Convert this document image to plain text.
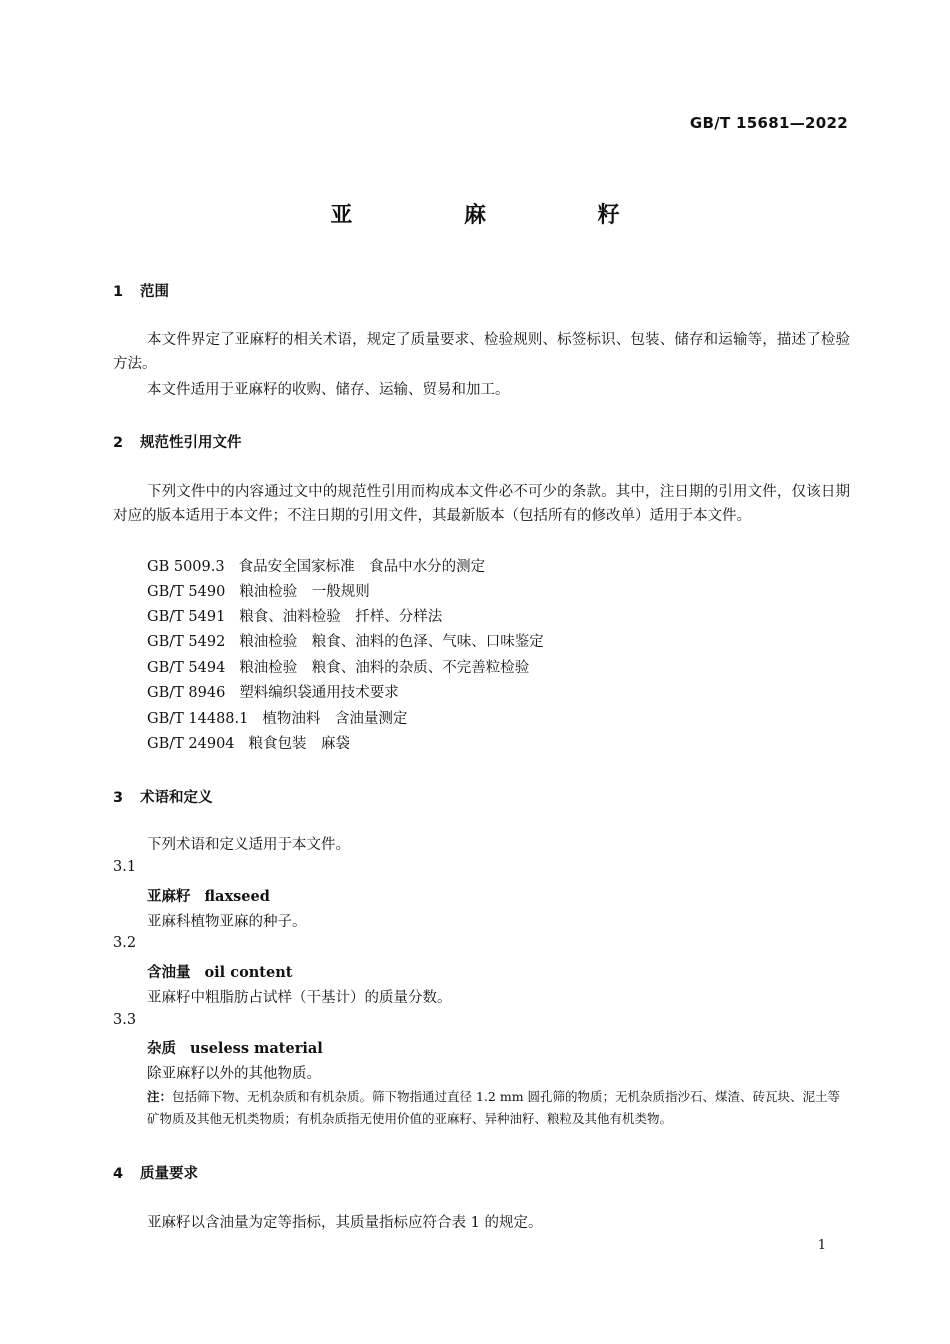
GB/T 15681—2022
亚 麻 籽
1 范围
本文件界定了亚麻籽的相关术语，规定了质量要求、检验规则、标签标识、包装、储存和运输等，描述了检验方法。
本文件适用于亚麻籽的收购、储存、运输、贸易和加工。
2 规范性引用文件
下列文件中的内容通过文中的规范性引用而构成本文件必不可少的条款。其中，注日期的引用文件，仅该日期对应的版本适用于本文件；不注日期的引用文件，其最新版本（包括所有的修改单）适用于本文件。
GB 5009.3 食品安全国家标准　食品中水分的测定
GB/T 5490 粮油检验　一般规则
GB/T 5491 粮食、油料检验　扦样、分样法
GB/T 5492 粮油检验　粮食、油料的色泽、气味、口味鉴定
GB/T 5494 粮油检验　粮食、油料的杂质、不完善粒检验
GB/T 8946 塑料编织袋通用技术要求
GB/T 14488.1 植物油料　含油量测定
GB/T 24904 粮食包装　麻袋
3 术语和定义
下列术语和定义适用于本文件。
3.1
亚麻籽 flaxseed
亚麻科植物亚麻的种子。
3.2
含油量 oil content
亚麻籽中粗脂肪占试样（干基计）的质量分数。
3.3
杂质 useless material
除亚麻籽以外的其他物质。
注：包括筛下物、无机杂质和有机杂质。筛下物指通过直径 1.2 mm 圆孔筛的物质；无机杂质指沙石、煤渣、砖瓦块、泥土等矿物质及其他无机类物质；有机杂质指无使用价值的亚麻籽、异种油籽、粮粒及其他有机类物。
4 质量要求
亚麻籽以含油量为定等指标，其质量指标应符合表 1 的规定。
1
